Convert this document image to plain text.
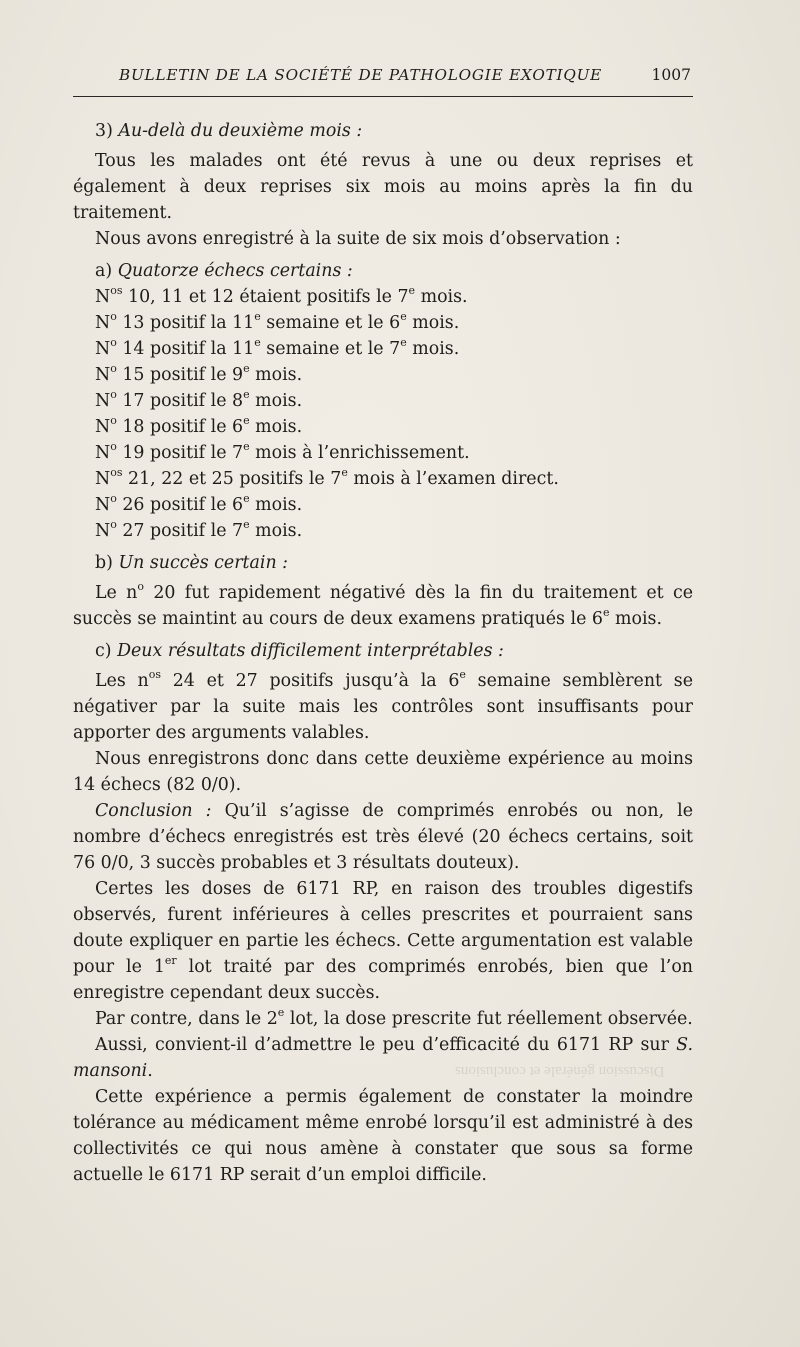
BULLETIN DE LA SOCIÉTÉ DE PATHOLOGIE EXOTIQUE	1007
Discussion générale et conclusions

3) Au-delà du deuxième mois :

Tous les malades ont été revus à une ou deux reprises et également à deux reprises six mois au moins après la fin du traitement.

Nous avons enregistré à la suite de six mois d’observation :

a) Quatorze échecs certains :

$N^{os}$ 10, 11 et 12 étaient positifs le 7e mois.

$N^o$ 13 positif la 11e semaine et le 6e mois.

$N^o$ 14 positif la 11e semaine et le 7e mois.

$N^o$ 15 positif le 9e mois.

$N^o$ 17 positif le 8e mois.

$N^o$ 18 positif le 6e mois.

$N^o$ 19 positif le 7e mois à l’enrichissement.

$N^{os}$ 21, 22 et 25 positifs le 7e mois à l’examen direct.

$N^o$ 26 positif le 6e mois.

$N^o$ 27 positif le 7e mois.

b) Un succès certain :

Le $n^o$ 20 fut rapidement négativé dès la fin du traitement et ce succès se maintint au cours de deux examens pratiqués le 6e mois.

c) Deux résultats difficilement interprétables :

Les $n^{os}$ 24 et 27 positifs jusqu’à la 6e semaine semblèrent se négativer par la suite mais les contrôles sont insuffisants pour apporter des arguments valables.

Nous enregistrons donc dans cette deuxième expérience au moins 14 échecs (82 0/0).

Conclusion : Qu’il s’agisse de comprimés enrobés ou non, le nombre d’échecs enregistrés est très élevé (20 échecs certains, soit 76 0/0, 3 succès probables et 3 résultats douteux).

Certes les doses de 6171 RP, en raison des troubles digestifs observés, furent inférieures à celles prescrites et pourraient sans doute expliquer en partie les échecs. Cette argumentation est valable pour le 1er lot traité par des comprimés enrobés, bien que l’on enregistre cependant deux succès.

Par contre, dans le 2e lot, la dose prescrite fut réellement observée.

Aussi, convient-il d’admettre le peu d’efficacité du 6171 RP sur S. mansoni.

Cette expérience a permis également de constater la moindre tolérance au médicament même enrobé lorsqu’il est administré à des collectivités ce qui nous amène à constater que sous sa forme actuelle le 6171 RP serait d’un emploi difficile.
